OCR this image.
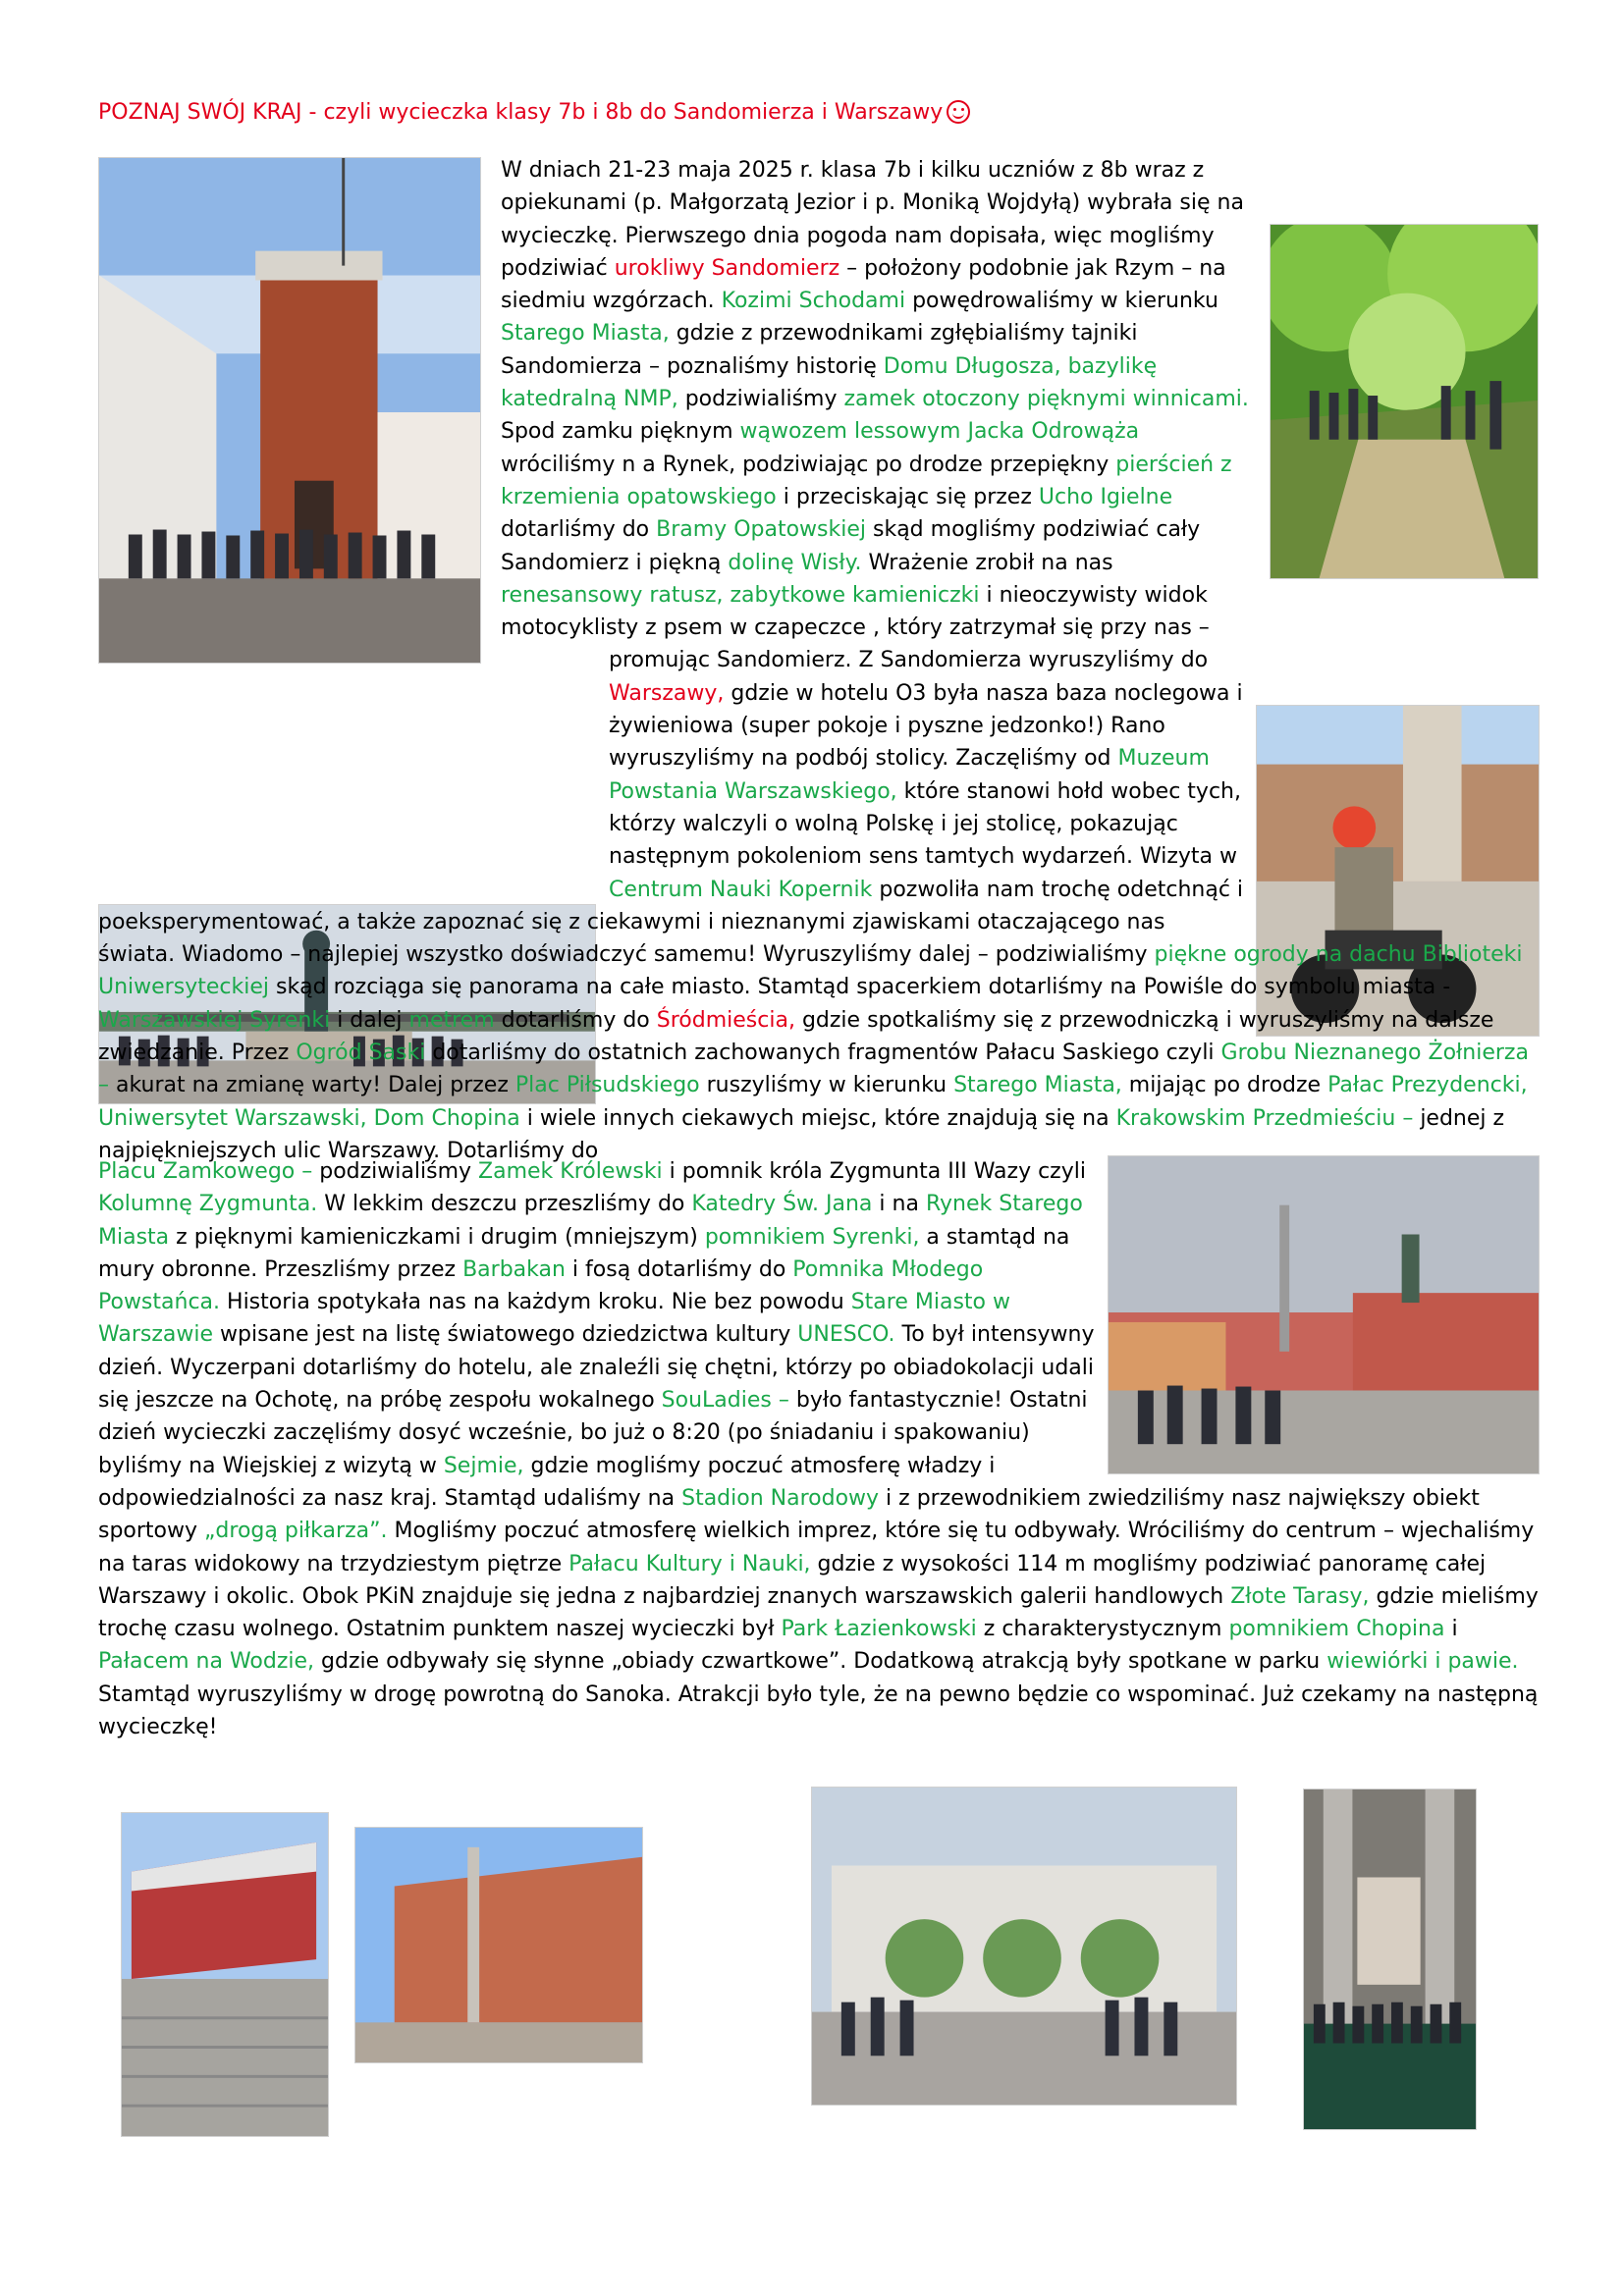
POZNAJ SWÓJ KRAJ - czyli wycieczka klasy 7b i 8b do Sandomierza i Warszawy

W dniach 21-23 maja 2025 r. klasa 7b i kilku uczniów z 8b wraz z opiekunami (p. Małgorzatą Jezior i p. Moniką Wojdyłą) wybrała się na wycieczkę. Pierwszego dnia pogoda nam dopisała, więc mogliśmy podziwiać urokliwy Sandomierz – położony podobnie jak Rzym – na siedmiu wzgórzach. Kozimi Schodami powędrowaliśmy w kierunku Starego Miasta, gdzie z przewodnikami zgłębialiśmy tajniki Sandomierza – poznaliśmy historię Domu Długosza, bazylikę katedralną NMP, podziwialiśmy zamek otoczony pięknymi winnicami. Spod zamku pięknym wąwozem lessowym Jacka Odrowąża wróciliśmy n a Rynek, podziwiając po drodze przepiękny pierścień z krzemienia opatowskiego i przeciskając się przez Ucho Igielne dotarliśmy do Bramy Opatowskiej skąd mogliśmy podziwiać cały Sandomierz i piękną dolinę Wisły. Wrażenie zrobił na nas renesansowy ratusz, zabytkowe kamieniczki i nieoczywisty widok motocyklisty z psem w czapeczce , który zatrzymał się przy nas – promując Sandomierz. Z Sandomierza wyruszyliśmy do Warszawy, gdzie w hotelu O3 była nasza baza noclegowa i żywieniowa (super pokoje i pyszne jedzonko!) Rano wyruszyliśmy na podbój stolicy. Zaczęliśmy od Muzeum Powstania Warszawskiego, które stanowi hołd wobec tych, którzy walczyli o wolną Polskę i jej stolicę, pokazując następnym pokoleniom sens tamtych wydarzeń. Wizyta w Centrum Nauki Kopernik pozwoliła nam trochę odetchnąć i poeksperymentować, a także zapoznać się z ciekawymi i nieznanymi zjawiskami otaczającego nas świata. Wiadomo – najlepiej wszystko doświadczyć samemu! Wyruszyliśmy dalej – podziwialiśmy piękne ogrody na dachu Biblioteki Uniwersyteckiej skąd rozciąga się panorama na całe miasto. Stamtąd spacerkiem dotarliśmy na Powiśle do symbolu miasta - Warszawskiej Syrenki i dalej metrem dotarliśmy do Śródmieścia, gdzie spotkaliśmy się z przewodniczką i wyruszyliśmy na dalsze zwiedzanie. Przez Ogród Saski dotarliśmy do ostatnich zachowanych fragmentów Pałacu Saskiego czyli Grobu Nieznanego Żołnierza – akurat na zmianę warty! Dalej przez Plac Piłsudskiego ruszyliśmy w kierunku Starego Miasta, mijając po drodze Pałac Prezydencki, Uniwersytet Warszawski, Dom Chopina i wiele innych ciekawych miejsc, które znajdują się na Krakowskim Przedmieściu – jednej z najpiękniejszych ulic Warszawy. Dotarliśmy do

Placu Zamkowego – podziwialiśmy Zamek Królewski i pomnik króla Zygmunta III Wazy czyli Kolumnę Zygmunta. W lekkim deszczu przeszliśmy do Katedry Św. Jana i na Rynek Starego Miasta z pięknymi kamieniczkami i drugim (mniejszym) pomnikiem Syrenki, a stamtąd na mury obronne. Przeszliśmy przez Barbakan i fosą dotarliśmy do Pomnika Młodego Powstańca. Historia spotykała nas na każdym kroku. Nie bez powodu Stare Miasto w Warszawie wpisane jest na listę światowego dziedzictwa kultury UNESCO. To był intensywny dzień. Wyczerpani dotarliśmy do hotelu, ale znaleźli się chętni, którzy po obiadokolacji udali się jeszcze na Ochotę, na próbę zespołu wokalnego SouLadies – było fantastycznie! Ostatni dzień wycieczki zaczęliśmy dosyć wcześnie, bo już o 8:20 (po śniadaniu i spakowaniu) byliśmy na Wiejskiej z wizytą w Sejmie, gdzie mogliśmy poczuć atmosferę władzy i odpowiedzialności za nasz kraj. Stamtąd udaliśmy na Stadion Narodowy i z przewodnikiem zwiedziliśmy nasz największy obiekt sportowy „drogą piłkarza”. Mogliśmy poczuć atmosferę wielkich imprez, które się tu odbywały. Wróciliśmy do centrum – wjechaliśmy na taras widokowy na trzydziestym piętrze Pałacu Kultury i Nauki, gdzie z wysokości 114 m mogliśmy podziwiać panoramę całej Warszawy i okolic. Obok PKiN znajduje się jedna z najbardziej znanych warszawskich galerii handlowych Złote Tarasy, gdzie mieliśmy trochę czasu wolnego. Ostatnim punktem naszej wycieczki był Park Łazienkowski z charakterystycznym pomnikiem Chopina i Pałacem na Wodzie, gdzie odbywały się słynne „obiady czwartkowe”. Dodatkową atrakcją były spotkane w parku wiewiórki i pawie. Stamtąd wyruszyliśmy w drogę powrotną do Sanoka. Atrakcji było tyle, że na pewno będzie co wspominać. Już czekamy na następną wycieczkę!
